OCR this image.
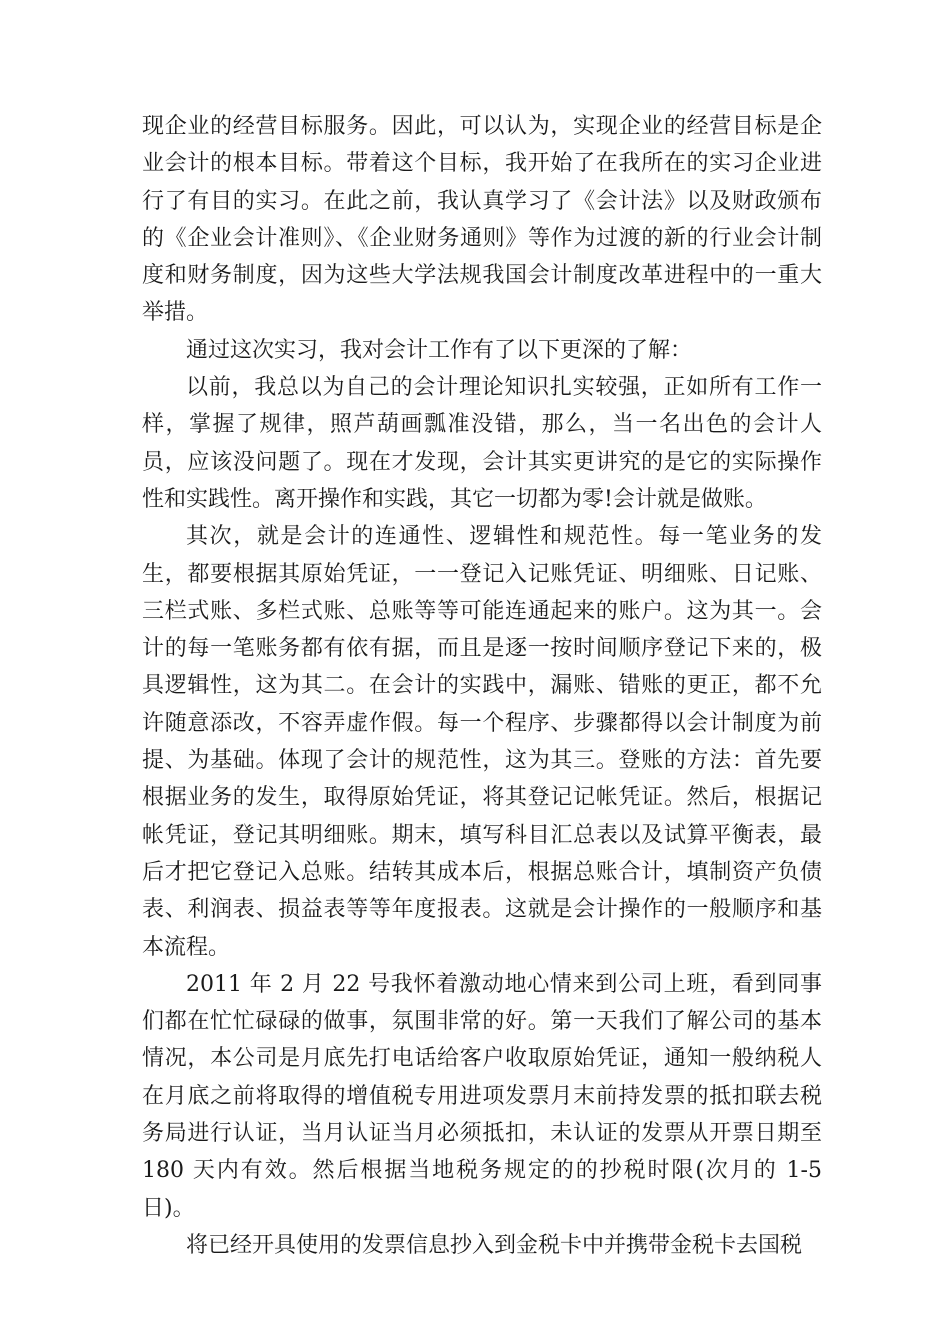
现企业的经营目标服务。因此，可以认为，实现企业的经营目标是企业会计的根本目标。带着这个目标，我开始了在我所在的实习企业进行了有目的实习。在此之前，我认真学习了《会计法》以及财政颁布的《企业会计准则》、《企业财务通则》等作为过渡的新的行业会计制度和财务制度，因为这些大学法规我国会计制度改革进程中的一重大举措。

通过这次实习，我对会计工作有了以下更深的了解：

以前，我总以为自己的会计理论知识扎实较强，正如所有工作一样，掌握了规律，照芦葫画瓢准没错，那么，当一名出色的会计人员，应该没问题了。现在才发现，会计其实更讲究的是它的实际操作性和实践性。离开操作和实践，其它一切都为零!会计就是做账。

其次，就是会计的连通性、逻辑性和规范性。每一笔业务的发生，都要根据其原始凭证，一一登记入记账凭证、明细账、日记账、三栏式账、多栏式账、总账等等可能连通起来的账户。这为其一。会计的每一笔账务都有依有据，而且是逐一按时间顺序登记下来的，极具逻辑性，这为其二。在会计的实践中，漏账、错账的更正，都不允许随意添改，不容弄虚作假。每一个程序、步骤都得以会计制度为前提、为基础。体现了会计的规范性，这为其三。登账的方法：首先要根据业务的发生，取得原始凭证，将其登记记帐凭证。然后，根据记帐凭证，登记其明细账。期末，填写科目汇总表以及试算平衡表，最后才把它登记入总账。结转其成本后，根据总账合计，填制资产负债表、利润表、损益表等等年度报表。这就是会计操作的一般顺序和基本流程。

2011 年 2 月 22 号我怀着激动地心情来到公司上班，看到同事们都在忙忙碌碌的做事，氛围非常的好。第一天我们了解公司的基本情况，本公司是月底先打电话给客户收取原始凭证，通知一般纳税人在月底之前将取得的增值税专用进项发票月末前持发票的抵扣联去税务局进行认证，当月认证当月必须抵扣，未认证的发票从开票日期至 180 天内有效。然后根据当地税务规定的的抄税时限(次月的 1-5 日)。

将已经开具使用的发票信息抄入到金税卡中并携带金税卡去国税
